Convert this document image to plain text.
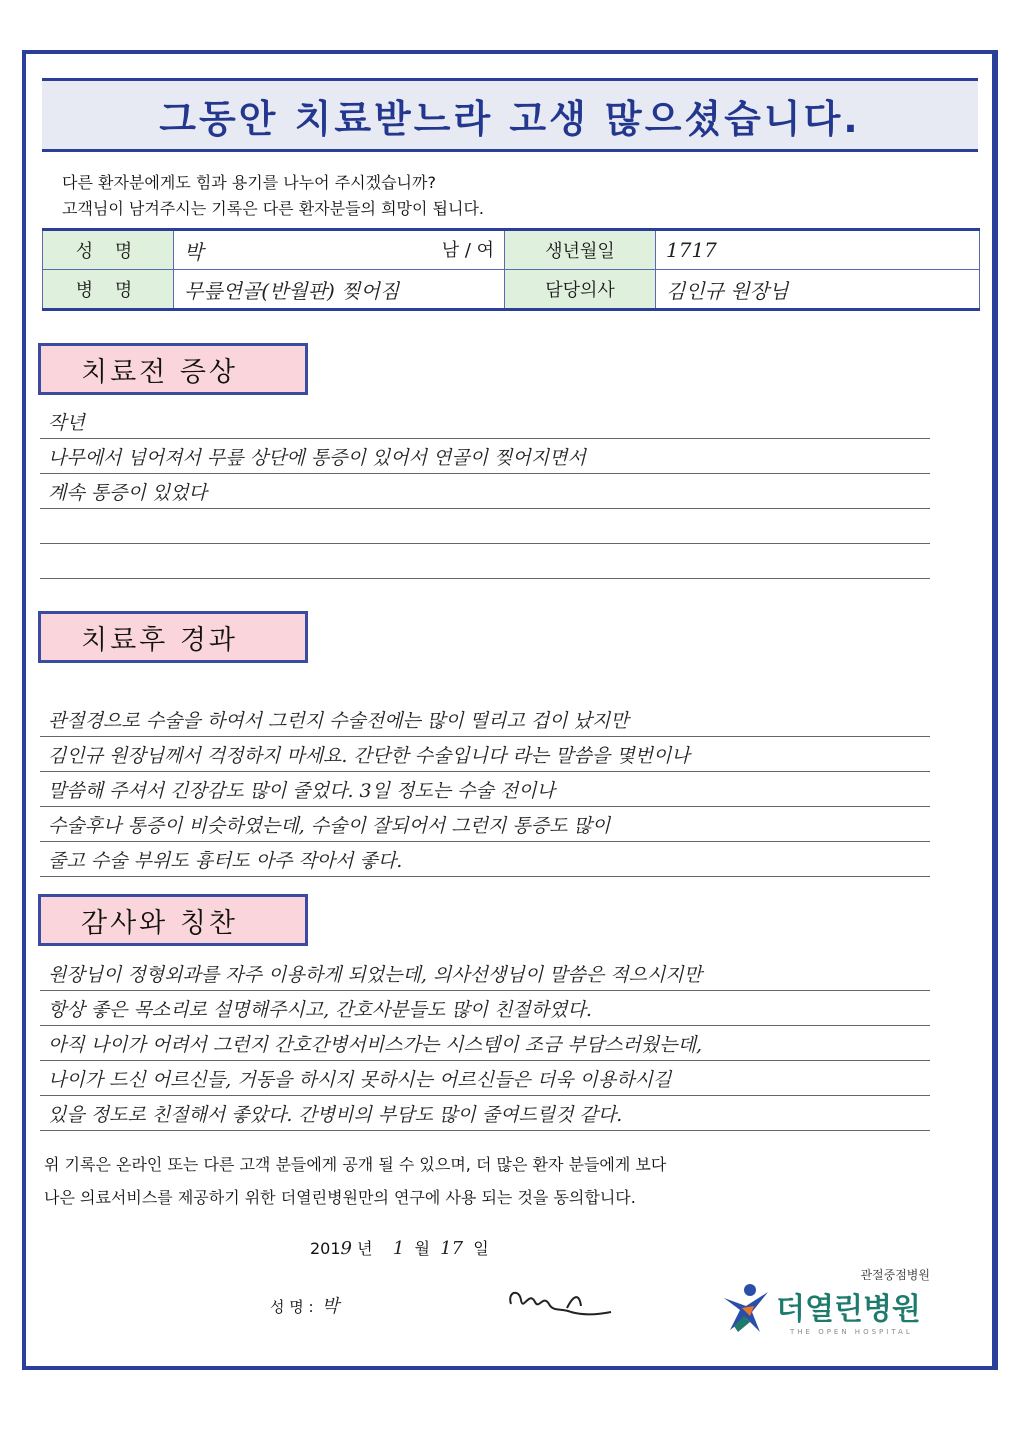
그동안 치료받느라 고생 많으셨습니다.
다른 환자분에게도 힘과 용기를 나누어 주시겠습니까?
고객님이 남겨주시는 기록은 다른 환자분들의 희망이 됩니다.
성 명	박 남 / 여	생년월일	1717
병 명	무릎연골(반월판) 찢어짐	담당의사	김인규 원장님
치료전 증상
작년
나무에서 넘어져서 무릎 상단에 통증이 있어서 연골이 찢어지면서
계속 통증이 있었다
치료후 경과
관절경으로 수술을 하여서 그런지 수술전에는 많이 떨리고 겁이 났지만
김인규 원장님께서 걱정하지 마세요. 간단한 수술입니다 라는 말씀을 몇번이나
말씀해 주셔서 긴장감도 많이 줄었다. 3일 정도는 수술 전이나
수술후나 통증이 비슷하였는데, 수술이 잘되어서 그런지 통증도 많이
줄고 수술 부위도 흉터도 아주 작아서 좋다.
감사와 칭찬
원장님이 정형외과를 자주 이용하게 되었는데, 의사선생님이 말씀은 적으시지만
항상 좋은 목소리로 설명해주시고, 간호사분들도 많이 친절하였다.
아직 나이가 어려서 그런지 간호간병서비스가는 시스템이 조금 부담스러웠는데,
나이가 드신 어르신들, 거동을 하시지 못하시는 어르신들은 더욱 이용하시길
있을 정도로 친절해서 좋았다. 간병비의 부담도 많이 줄여드릴것 같다.
위 기록은 온라인 또는 다른 고객 분들에게 공개 될 수 있으며, 더 많은 환자 분들에게 보다
나은 의료서비스를 제공하기 위한 더열린병원만의 연구에 사용 되는 것을 동의합니다.
2019 년 1 월 17 일
성 명 : 박
관절중점병원
더열린병원
THE OPEN HOSPITAL
